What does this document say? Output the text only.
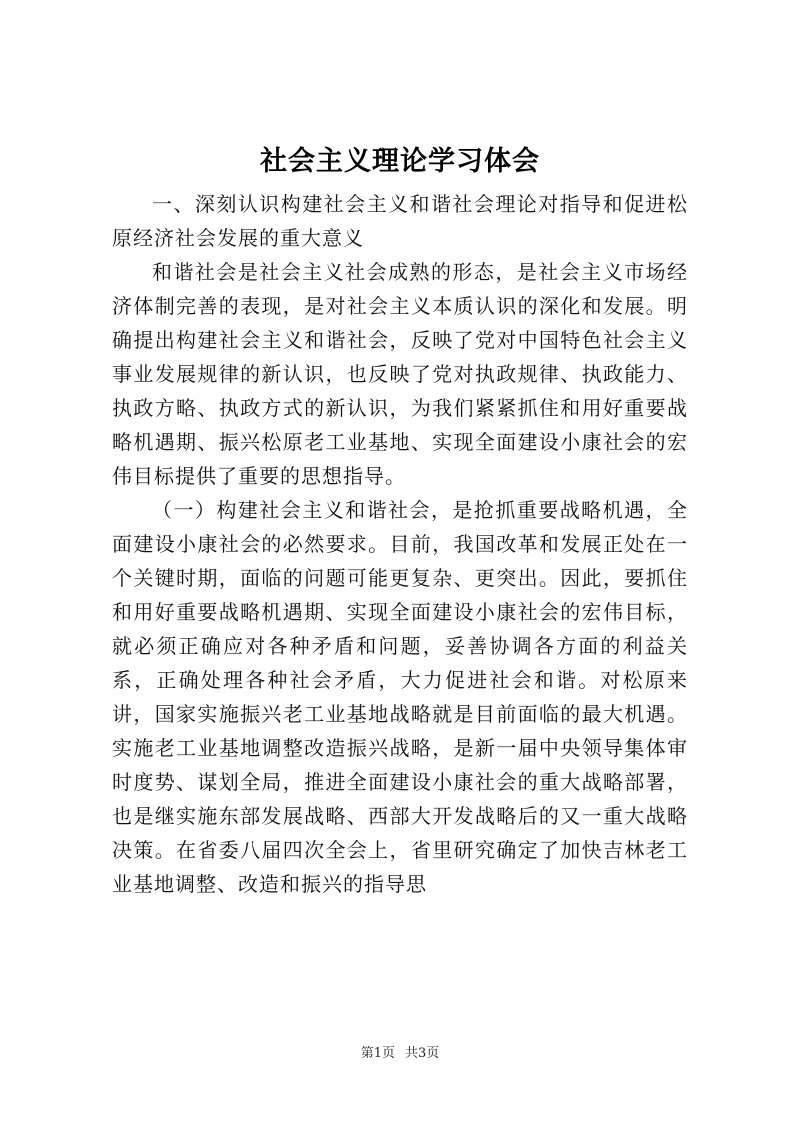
社会主义理论学习体会

一、深刻认识构建社会主义和谐社会理论对指导和促进松原经济社会发展的重大意义

和谐社会是社会主义社会成熟的形态，是社会主义市场经济体制完善的表现，是对社会主义本质认识的深化和发展。明确提出构建社会主义和谐社会，反映了党对中国特色社会主义事业发展规律的新认识，也反映了党对执政规律、执政能力、执政方略、执政方式的新认识，为我们紧紧抓住和用好重要战略机遇期、振兴松原老工业基地、实现全面建设小康社会的宏伟目标提供了重要的思想指导。

（一）构建社会主义和谐社会，是抢抓重要战略机遇，全面建设小康社会的必然要求。目前，我国改革和发展正处在一个关键时期，面临的问题可能更复杂、更突出。因此，要抓住和用好重要战略机遇期、实现全面建设小康社会的宏伟目标，就必须正确应对各种矛盾和问题，妥善协调各方面的利益关系，正确处理各种社会矛盾，大力促进社会和谐。对松原来讲，国家实施振兴老工业基地战略就是目前面临的最大机遇。实施老工业基地调整改造振兴战略，是新一届中央领导集体审时度势、谋划全局，推进全面建设小康社会的重大战略部署，也是继实施东部发展战略、西部大开发战略后的又一重大战略决策。在省委八届四次全会上，省里研究确定了加快吉林老工业基地调整、改造和振兴的指导思

第1页 共3页
